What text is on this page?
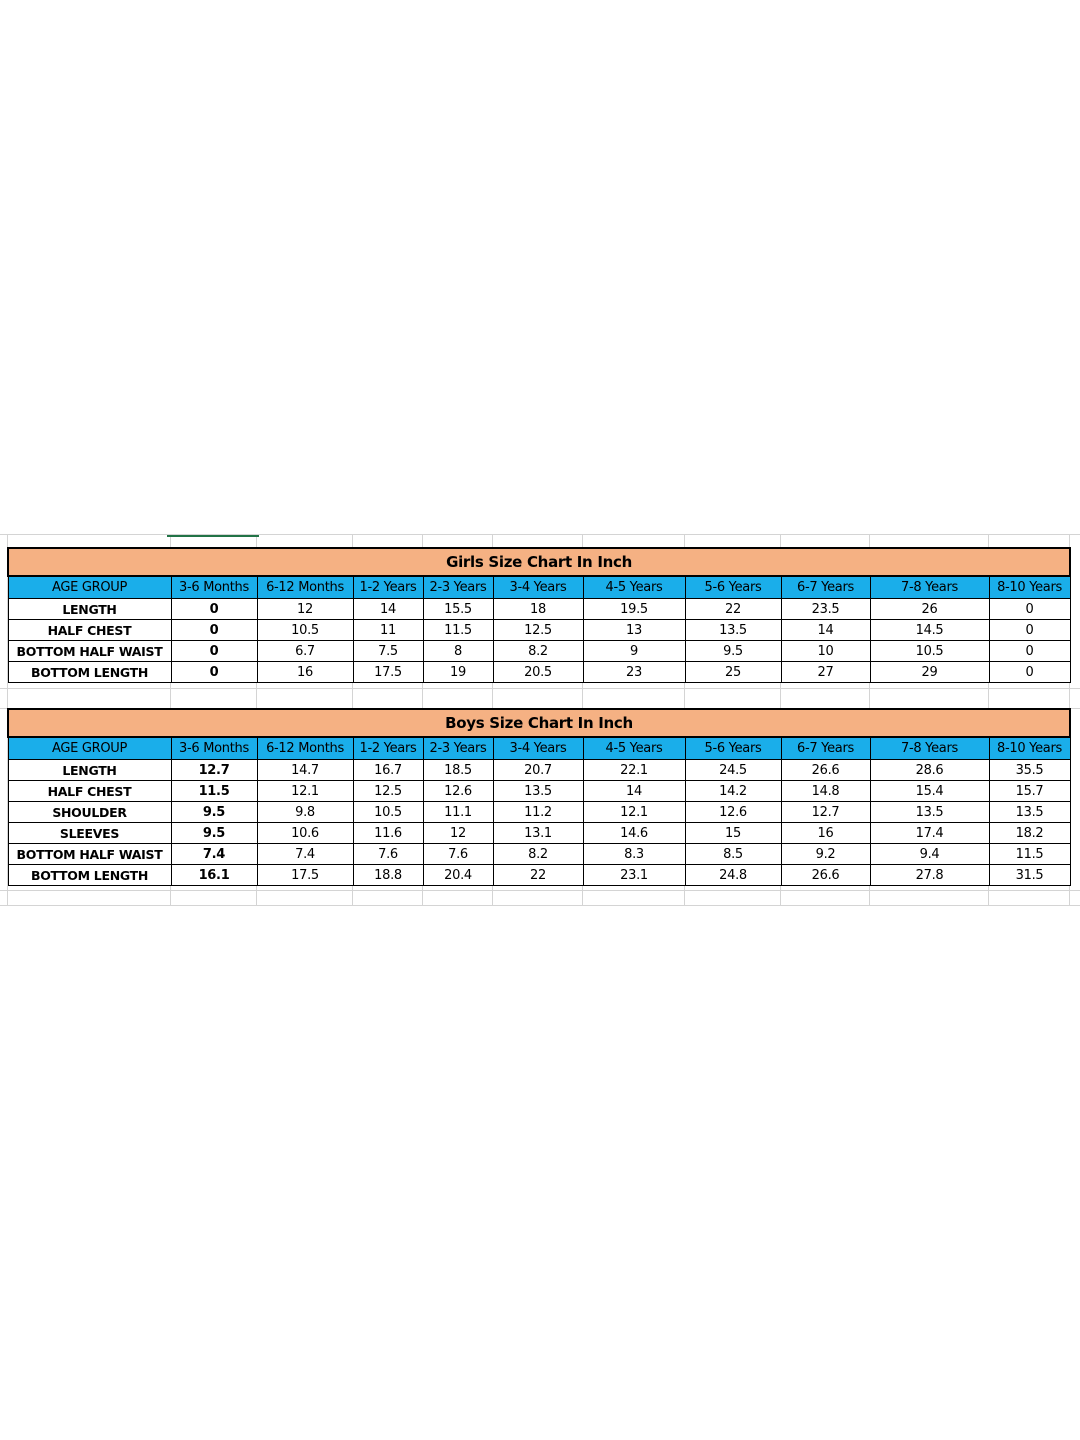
Girls Size Chart In Inch										
AGE GROUP	3-6 Months	6-12 Months	1-2 Years	2-3 Years	3-4 Years	4-5 Years	5-6 Years	6-7 Years	7-8 Years	8-10 Years
LENGTH	0	12	14	15.5	18	19.5	22	23.5	26	0
HALF CHEST	0	10.5	11	11.5	12.5	13	13.5	14	14.5	0
BOTTOM HALF WAIST	0	6.7	7.5	8	8.2	9	9.5	10	10.5	0
BOTTOM LENGTH	0	16	17.5	19	20.5	23	25	27	29	0
Boys Size Chart In Inch										
AGE GROUP	3-6 Months	6-12 Months	1-2 Years	2-3 Years	3-4 Years	4-5 Years	5-6 Years	6-7 Years	7-8 Years	8-10 Years
LENGTH	12.7	14.7	16.7	18.5	20.7	22.1	24.5	26.6	28.6	35.5
HALF CHEST	11.5	12.1	12.5	12.6	13.5	14	14.2	14.8	15.4	15.7
SHOULDER	9.5	9.8	10.5	11.1	11.2	12.1	12.6	12.7	13.5	13.5
SLEEVES	9.5	10.6	11.6	12	13.1	14.6	15	16	17.4	18.2
BOTTOM HALF WAIST	7.4	7.4	7.6	7.6	8.2	8.3	8.5	9.2	9.4	11.5
BOTTOM LENGTH	16.1	17.5	18.8	20.4	22	23.1	24.8	26.6	27.8	31.5
